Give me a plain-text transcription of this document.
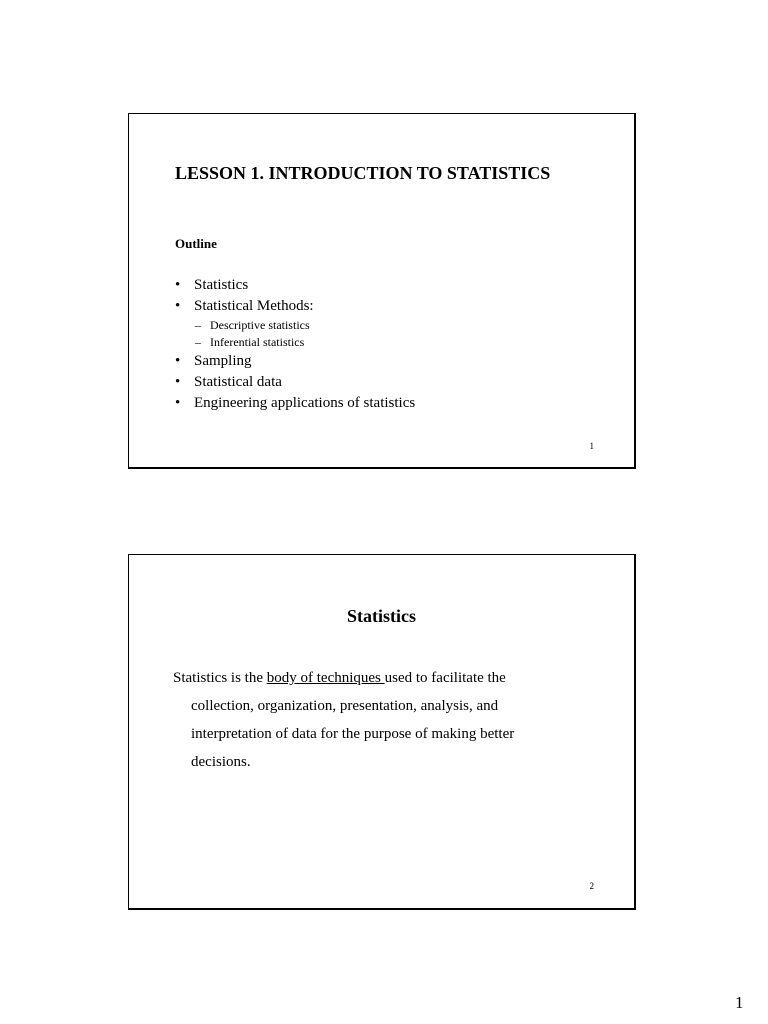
LESSON 1. INTRODUCTION TO STATISTICS
Outline
• Statistics
• Statistical Methods:
– Descriptive statistics
– Inferential statistics
• Sampling
• Statistical data
• Engineering applications of statistics
1
Statistics
Statistics is the body of techniques used to facilitate the
collection, organization, presentation, analysis, and
interpretation of data for the purpose of making better
decisions.
2
1
